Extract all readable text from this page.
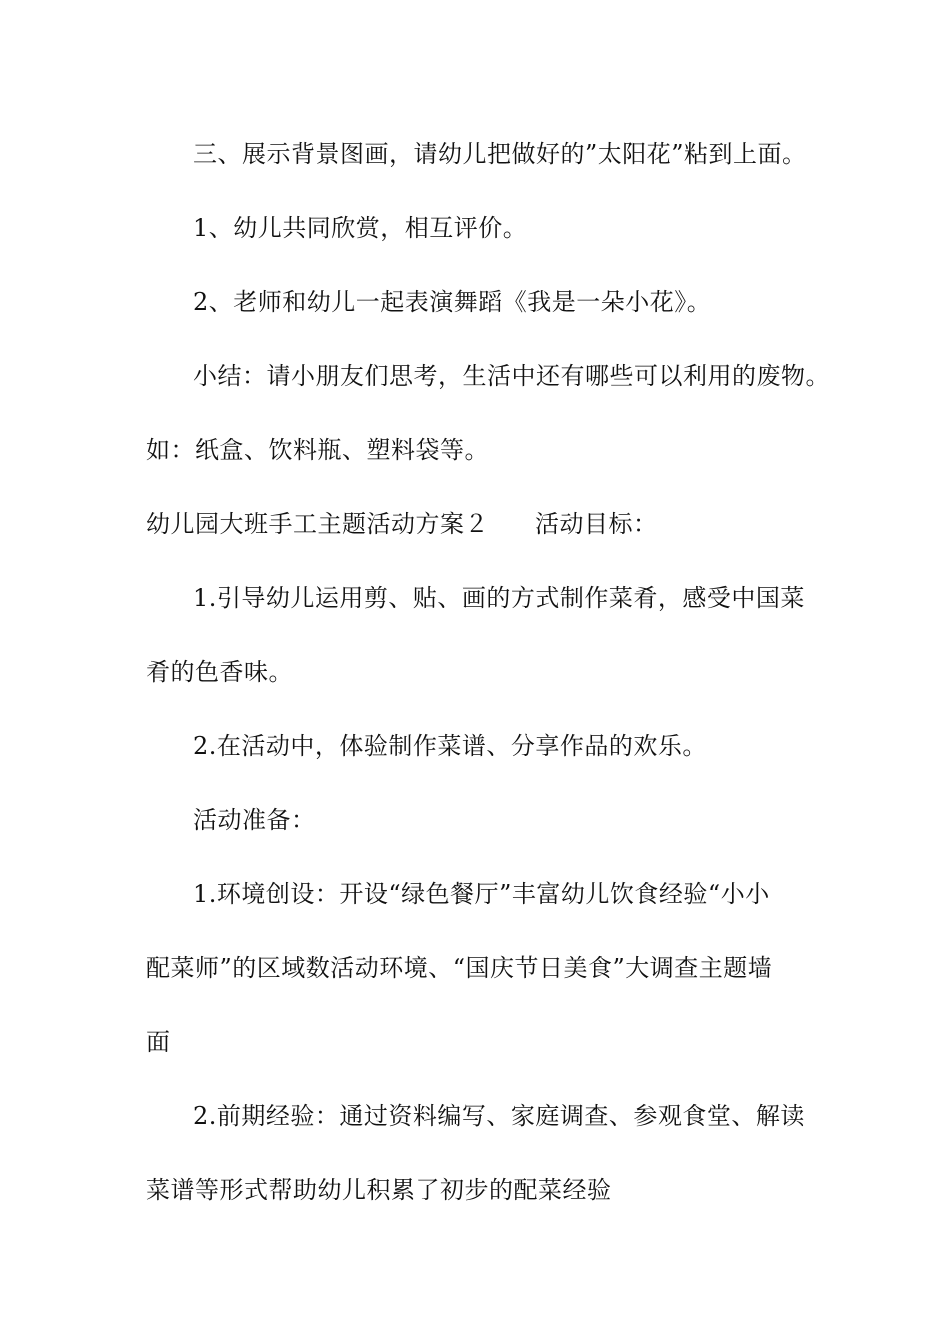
三、展示背景图画，请幼儿把做好的”太阳花”粘到上面。
1、幼儿共同欣赏，相互评价。
2、老师和幼儿一起表演舞蹈《我是一朵小花》。
小结：请小朋友们思考，生活中还有哪些可以利用的废物。
如：纸盒、饮料瓶、塑料袋等。
幼儿园大班手工主题活动方案２ 活动目标：
1.引导幼儿运用剪、贴、画的方式制作菜肴，感受中国菜
肴的色香味。
2.在活动中，体验制作菜谱、分享作品的欢乐。
活动准备：
1.环境创设：开设“绿色餐厅”丰富幼儿饮食经验“小小
配菜师”的区域数活动环境、“国庆节日美食”大调查主题墙
面
2.前期经验：通过资料编写、家庭调查、参观食堂、解读
菜谱等形式帮助幼儿积累了初步的配菜经验
